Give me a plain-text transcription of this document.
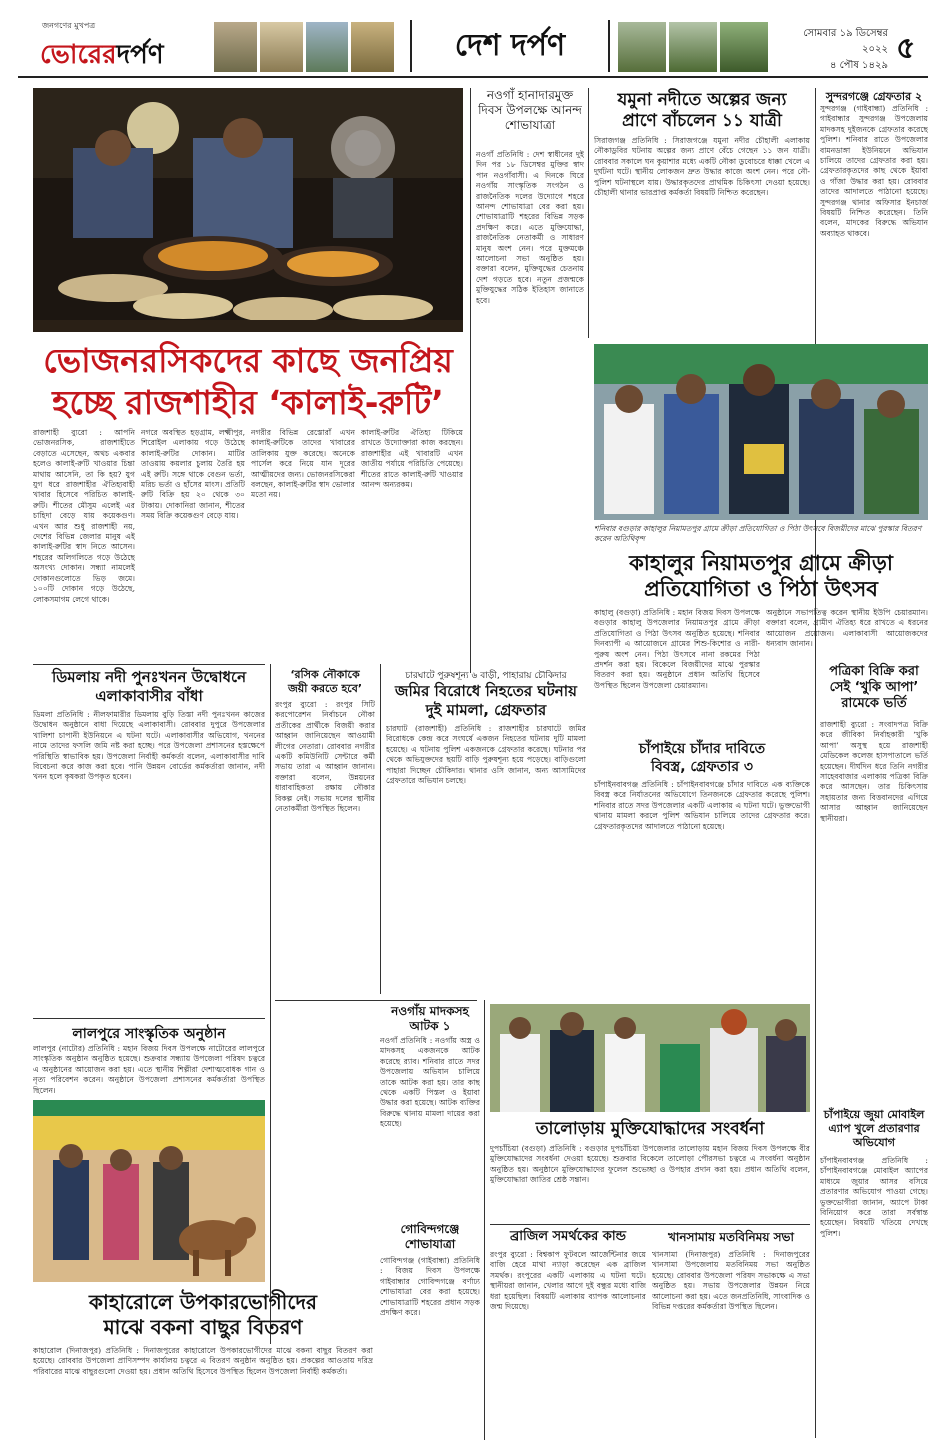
জনগণের মুখপত্র
ভোরেরদর্পণ	দেশ দর্পণ	সোমবার ১৯ ডিসেম্বর ২০২২
৪ পৌষ ১৪২৯ ৫
ভোজনরসিকদের কাছে জনপ্রিয়
হচ্ছে রাজশাহীর ‘কালাই-রুটি’
রাজশাহী ব্যুরো : আপনি ভোজনরসিক, রাজশাহীতে বেড়াতে এসেছেন, অথচ একবার হলেও কালাই-রুটি খাওয়ার চিন্তা মাথায় আসেনি, তা কি হয়? যুগ যুগ ধরে রাজশাহীর ঐতিহ্যবাহী খাবার হিসেবে পরিচিত কালাই-রুটি। শীতের মৌসুম এলেই এর চাহিদা বেড়ে যায় কয়েকগুণ। এখন আর শুধু রাজশাহী নয়, দেশের বিভিন্ন জেলার মানুষ এই কালাই-রুটির স্বাদ নিতে আসেন। শহরের অলিগলিতে গড়ে উঠেছে অসংখ্য দোকান। সন্ধ্যা নামলেই দোকানগুলোতে ভিড় জমে। ১০০টি দোকান গড়ে উঠেছে, লোকসমাগম লেগে থাকে।
নগরে অবস্থিত হড়গ্রাম, লক্ষ্মীপুর, শিরোইল এলাকায় গড়ে উঠেছে কালাই-রুটির দোকান। মাটির তাওয়ায় কয়লার চুলায় তৈরি হয় এই রুটি। সঙ্গে থাকে বেগুন ভর্তা, মরিচ ভর্তা ও হাঁসের মাংস। প্রতিটি রুটি বিক্রি হয় ২০ থেকে ৩০ টাকায়। দোকানিরা জানান, শীতের সময় বিক্রি কয়েকগুণ বেড়ে যায়।
নগরীর বিভিন্ন রেস্তোরাঁ এখন কালাই-রুটিকে তাদের খাবারের তালিকায় যুক্ত করেছে। অনেকে পার্সেল করে নিয়ে যান দূরের আত্মীয়দের জন্য। ভোজনরসিকেরা বলছেন, কালাই-রুটির স্বাদ ভোলার মতো নয়।
কালাই-রুটির ঐতিহ্য টিকিয়ে রাখতে উদ্যোক্তারা কাজ করছেন। রাজশাহীর এই খাবারটি এখন জাতীয় পর্যায়ে পরিচিতি পেয়েছে। শীতের রাতে কালাই-রুটি খাওয়ার আনন্দ অন্যরকম।
নওগাঁ হানাদারমুক্ত দিবস উপলক্ষে আনন্দ শোভাযাত্রা
নওগাঁ প্রতিনিধি : দেশ স্বাধীনের দুই দিন পর ১৮ ডিসেম্বর মুক্তির স্বাদ পান নওগাঁবাসী। এ দিনকে ঘিরে নওগাঁয় সাংস্কৃতিক সংগঠন ও রাজনৈতিক দলের উদ্যোগে শহরে আনন্দ শোভাযাত্রা বের করা হয়। শোভাযাত্রাটি শহরের বিভিন্ন সড়ক প্রদক্ষিণ করে। এতে মুক্তিযোদ্ধা, রাজনৈতিক নেতাকর্মী ও সাধারণ মানুষ অংশ নেন। পরে মুক্তমঞ্চে আলোচনা সভা অনুষ্ঠিত হয়। বক্তারা বলেন, মুক্তিযুদ্ধের চেতনায় দেশ গড়তে হবে। নতুন প্রজন্মকে মুক্তিযুদ্ধের সঠিক ইতিহাস জানাতে হবে।
যমুনা নদীতে অল্পের জন্য
প্রাণে বাঁচলেন ১১ যাত্রী
সিরাজগঞ্জ প্রতিনিধি : সিরাজগঞ্জে যমুনা নদীর চৌহালী এলাকায় নৌকাডুবির ঘটনায় অল্পের জন্য প্রাণে বেঁচে গেছেন ১১ জন যাত্রী। রোববার সকালে ঘন কুয়াশার মধ্যে একটি নৌকা ডুবোচরে ধাক্কা খেলে এ দুর্ঘটনা ঘটে। স্থানীয় লোকজন দ্রুত উদ্ধার কাজে অংশ নেন। পরে নৌ-পুলিশ ঘটনাস্থলে যায়। উদ্ধারকৃতদের প্রাথমিক চিকিৎসা দেওয়া হয়েছে। চৌহালী থানার ভারপ্রাপ্ত কর্মকর্তা বিষয়টি নিশ্চিত করেছেন।
সুন্দরগঞ্জে গ্রেফতার ২
সুন্দরগঞ্জ (গাইবান্ধা) প্রতিনিধি : গাইবান্ধার সুন্দরগঞ্জ উপজেলায় মাদকসহ দুইজনকে গ্রেফতার করেছে পুলিশ। শনিবার রাতে উপজেলার বামনডাঙ্গা ইউনিয়নে অভিযান চালিয়ে তাদের গ্রেফতার করা হয়। গ্রেফতারকৃতদের কাছ থেকে ইয়াবা ও গাঁজা উদ্ধার করা হয়। রোববার তাদের আদালতে পাঠানো হয়েছে। সুন্দরগঞ্জ থানার অফিসার ইনচার্জ বিষয়টি নিশ্চিত করেছেন। তিনি বলেন, মাদকের বিরুদ্ধে অভিযান অব্যাহত থাকবে।
শনিবার বগুড়ার কাহালুর নিয়ামতপুর গ্রামে ক্রীড়া প্রতিযোগিতা ও পিঠা উৎসবে বিজয়ীদের মাঝে পুরস্কার বিতরণ করেন অতিথিবৃন্দ
কাহালুর নিয়ামতপুর গ্রামে ক্রীড়া
প্রতিযোগিতা ও পিঠা উৎসব
কাহালু (বগুড়া) প্রতিনিধি : মহান বিজয় দিবস উপলক্ষে বগুড়ার কাহালু উপজেলার নিয়ামতপুর গ্রামে ক্রীড়া প্রতিযোগিতা ও পিঠা উৎসব অনুষ্ঠিত হয়েছে। শনিবার দিনব্যাপী এ আয়োজনে গ্রামের শিশু-কিশোর ও নারী-পুরুষ অংশ নেন। পিঠা উৎসবে নানা রকমের পিঠা প্রদর্শন করা হয়। বিকেলে বিজয়ীদের মাঝে পুরস্কার বিতরণ করা হয়। অনুষ্ঠানে প্রধান অতিথি হিসেবে উপস্থিত ছিলেন উপজেলা চেয়ারম্যান।
অনুষ্ঠানে সভাপতিত্ব করেন স্থানীয় ইউপি চেয়ারম্যান। বক্তারা বলেন, গ্রামীণ ঐতিহ্য ধরে রাখতে এ ধরনের আয়োজন প্রয়োজন। এলাকাবাসী আয়োজকদের ধন্যবাদ জানান।
পত্রিকা বিক্রি করা
সেই ‘খুকি আপা’
রামেকে ভর্তি
রাজশাহী ব্যুরো : সংবাদপত্র বিক্রি করে জীবিকা নির্বাহকারী ‘খুকি আপা’ অসুস্থ হয়ে রাজশাহী মেডিকেল কলেজ হাসপাতালে ভর্তি হয়েছেন। দীর্ঘদিন ধরে তিনি নগরীর সাহেববাজার এলাকায় পত্রিকা বিক্রি করে আসছেন। তার চিকিৎসায় সহায়তার জন্য বিত্তবানদের এগিয়ে আসার আহ্বান জানিয়েছেন স্থানীয়রা।
চাঁপাইয়ে জুয়া মোবাইল
এ্যাপ খুলে প্রতারণার
অভিযোগ
চাঁপাইনবাবগঞ্জ প্রতিনিধি : চাঁপাইনবাবগঞ্জে মোবাইল অ্যাপের মাধ্যমে জুয়ার আসর বসিয়ে প্রতারণার অভিযোগ পাওয়া গেছে। ভুক্তভোগীরা জানান, অ্যাপে টাকা বিনিয়োগ করে তারা সর্বস্বান্ত হয়েছেন। বিষয়টি খতিয়ে দেখছে পুলিশ।
ডিমলায় নদী পুনঃখনন উদ্বোধনে
এলাকাবাসীর বাঁধা
ডিমলা প্রতিনিধি : নীলফামারীর ডিমলায় বুড়ি তিস্তা নদী পুনঃখনন কাজের উদ্বোধন অনুষ্ঠানে বাধা দিয়েছে এলাকাবাসী। রোববার দুপুরে উপজেলার খালিশা চাপানী ইউনিয়নে এ ঘটনা ঘটে। এলাকাবাসীর অভিযোগ, খননের নামে তাদের ফসলি জমি নষ্ট করা হচ্ছে। পরে উপজেলা প্রশাসনের হস্তক্ষেপে পরিস্থিতি স্বাভাবিক হয়। উপজেলা নির্বাহী কর্মকর্তা বলেন, এলাকাবাসীর দাবি বিবেচনা করে কাজ করা হবে। পানি উন্নয়ন বোর্ডের কর্মকর্তারা জানান, নদী খনন হলে কৃষকরা উপকৃত হবেন।
‘রসিক নৌকাকে
জয়ী করতে হবে’
রংপুর ব্যুরো : রংপুর সিটি করপোরেশন নির্বাচনে নৌকা প্রতীকের প্রার্থীকে বিজয়ী করার আহ্বান জানিয়েছেন আওয়ামী লীগের নেতারা। রোববার নগরীর একটি কমিউনিটি সেন্টারে কর্মী সভায় তারা এ আহ্বান জানান। বক্তারা বলেন, উন্নয়নের ধারাবাহিকতা রক্ষায় নৌকার বিকল্প নেই। সভায় দলের স্থানীয় নেতাকর্মীরা উপস্থিত ছিলেন।
চারঘাটে পুরুষশূন্য ৬ বাড়ী, পাহারায় চৌকিদার
জমির বিরোধে নিহতের ঘটনায়
দুই মামলা, গ্রেফতার
চারঘাট (রাজশাহী) প্রতিনিধি : রাজশাহীর চারঘাটে জমির বিরোধকে কেন্দ্র করে সংঘর্ষে একজন নিহতের ঘটনায় দুটি মামলা হয়েছে। এ ঘটনায় পুলিশ একজনকে গ্রেফতার করেছে। ঘটনার পর থেকে অভিযুক্তদের ছয়টি বাড়ি পুরুষশূন্য হয়ে পড়েছে। বাড়িগুলো পাহারা দিচ্ছেন চৌকিদার। থানার ওসি জানান, অন্য আসামিদের গ্রেফতারে অভিযান চলছে।
চাঁপাইয়ে চাঁদার দাবিতে
বিবস্ত্র, গ্রেফতার ৩
চাঁপাইনবাবগঞ্জ প্রতিনিধি : চাঁপাইনবাবগঞ্জে চাঁদার দাবিতে এক ব্যক্তিকে বিবস্ত্র করে নির্যাতনের অভিযোগে তিনজনকে গ্রেফতার করেছে পুলিশ। শনিবার রাতে সদর উপজেলার একটি এলাকায় এ ঘটনা ঘটে। ভুক্তভোগী থানায় মামলা করলে পুলিশ অভিযান চালিয়ে তাদের গ্রেফতার করে। গ্রেফতারকৃতদের আদালতে পাঠানো হয়েছে।
লালপুরে সাংস্কৃতিক অনুষ্ঠান
লালপুর (নাটোর) প্রতিনিধি : মহান বিজয় দিবস উপলক্ষে নাটোরের লালপুরে সাংস্কৃতিক অনুষ্ঠান অনুষ্ঠিত হয়েছে। শুক্রবার সন্ধ্যায় উপজেলা পরিষদ চত্বরে এ অনুষ্ঠানের আয়োজন করা হয়। এতে স্থানীয় শিল্পীরা দেশাত্মবোধক গান ও নৃত্য পরিবেশন করেন। অনুষ্ঠানে উপজেলা প্রশাসনের কর্মকর্তারা উপস্থিত ছিলেন।
নওগাঁয় মাদকসহ
আটক ১
নওগাঁ প্রতিনিধি : নওগাঁয় অস্ত্র ও মাদকসহ একজনকে আটক করেছে র‌্যাব। শনিবার রাতে সদর উপজেলায় অভিযান চালিয়ে তাকে আটক করা হয়। তার কাছ থেকে একটি পিস্তল ও ইয়াবা উদ্ধার করা হয়েছে। আটক ব্যক্তির বিরুদ্ধে থানায় মামলা দায়ের করা হয়েছে।
গোবিন্দগঞ্জে
শোভাযাত্রা
গোবিন্দগঞ্জ (গাইবান্ধা) প্রতিনিধি : বিজয় দিবস উপলক্ষে গাইবান্ধার গোবিন্দগঞ্জে বর্ণাঢ্য শোভাযাত্রা বের করা হয়েছে। শোভাযাত্রাটি শহরের প্রধান সড়ক প্রদক্ষিণ করে।
তালোড়ায় মুক্তিযোদ্ধাদের সংবর্ধনা
দুপচাঁচিয়া (বগুড়া) প্রতিনিধি : বগুড়ার দুপচাঁচিয়া উপজেলার তালোড়ায় মহান বিজয় দিবস উপলক্ষে বীর মুক্তিযোদ্ধাদের সংবর্ধনা দেওয়া হয়েছে। শুক্রবার বিকেলে তালোড়া পৌরসভা চত্বরে এ সংবর্ধনা অনুষ্ঠান অনুষ্ঠিত হয়। অনুষ্ঠানে মুক্তিযোদ্ধাদের ফুলেল শুভেচ্ছা ও উপহার প্রদান করা হয়। প্রধান অতিথি বলেন, মুক্তিযোদ্ধারা জাতির শ্রেষ্ঠ সন্তান।
ব্রাজিল সমর্থকের কান্ড
রংপুর ব্যুরো : বিশ্বকাপ ফুটবলে আর্জেন্টিনার জয়ে বাজি হেরে মাথা ন্যাড়া করেছেন এক ব্রাজিল সমর্থক। রংপুরের একটি এলাকায় এ ঘটনা ঘটে। স্থানীয়রা জানান, খেলার আগে দুই বন্ধুর মধ্যে বাজি ধরা হয়েছিল। বিষয়টি এলাকায় ব্যাপক আলোচনার জন্ম দিয়েছে।
খানসামায় মতবিনিময় সভা
খানসামা (দিনাজপুর) প্রতিনিধি : দিনাজপুরের খানসামা উপজেলায় মতবিনিময় সভা অনুষ্ঠিত হয়েছে। রোববার উপজেলা পরিষদ সভাকক্ষে এ সভা অনুষ্ঠিত হয়। সভায় উপজেলার উন্নয়ন নিয়ে আলোচনা করা হয়। এতে জনপ্রতিনিধি, সাংবাদিক ও বিভিন্ন দপ্তরের কর্মকর্তারা উপস্থিত ছিলেন।
কাহারোলে উপকারভোগীদের
মাঝে বকনা বাছুর বিতরণ
কাহারোল (দিনাজপুর) প্রতিনিধি : দিনাজপুরের কাহারোলে উপকারভোগীদের মাঝে বকনা বাছুর বিতরণ করা হয়েছে। রোববার উপজেলা প্রাণিসম্পদ কার্যালয় চত্বরে এ বিতরণ অনুষ্ঠান অনুষ্ঠিত হয়। প্রকল্পের আওতায় দরিদ্র পরিবারের মাঝে বাছুরগুলো দেওয়া হয়। প্রধান অতিথি হিসেবে উপস্থিত ছিলেন উপজেলা নির্বাহী কর্মকর্তা।
